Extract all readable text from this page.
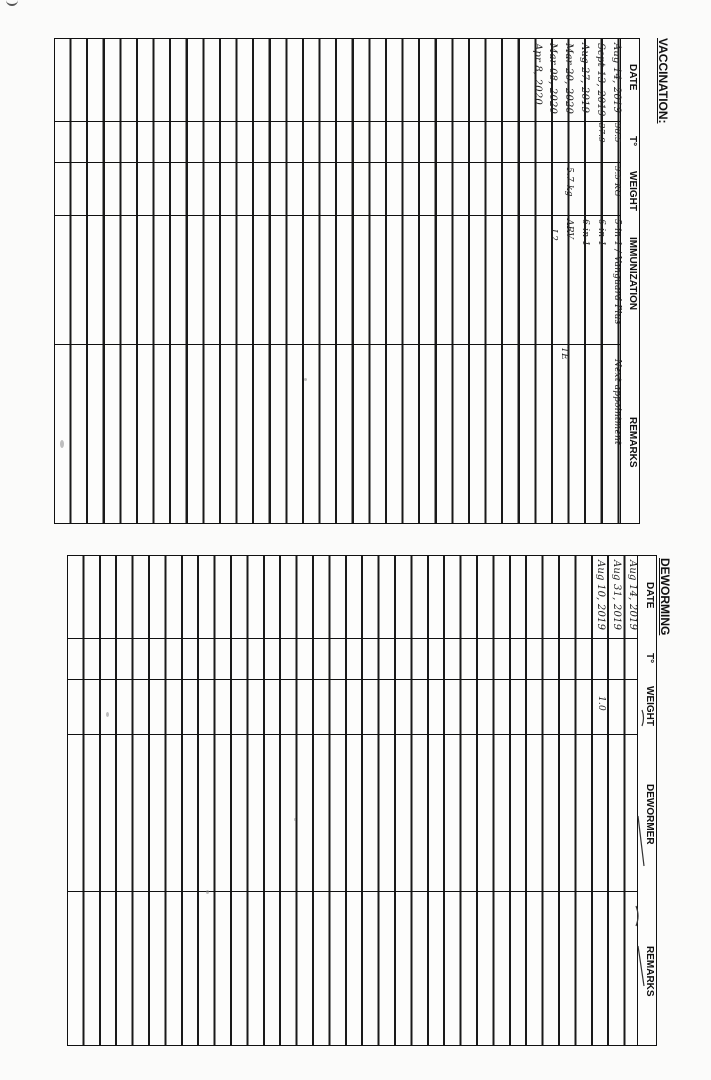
VACCINATION:
DATE
T°
WEIGHT
IMMUNIZATION
REMARKS
Aug 14, 2019
38.5
3.5 KG
5-in-1 / Vanguard Plus
Next appointment
Sept 13, 2019
37.9
6-in-1
Aug 27, 2019
6-in-1
Mar 20, 2020
Mar 08, 2020
5.7 kg
ARV
TE
Apr 8, 2020
L2
DEWORMING
DATE
T°
WEIGHT
DEWORMER
REMARKS
Aug 14, 2019
Aug 31, 2019
Aug 10, 2019
1.0
